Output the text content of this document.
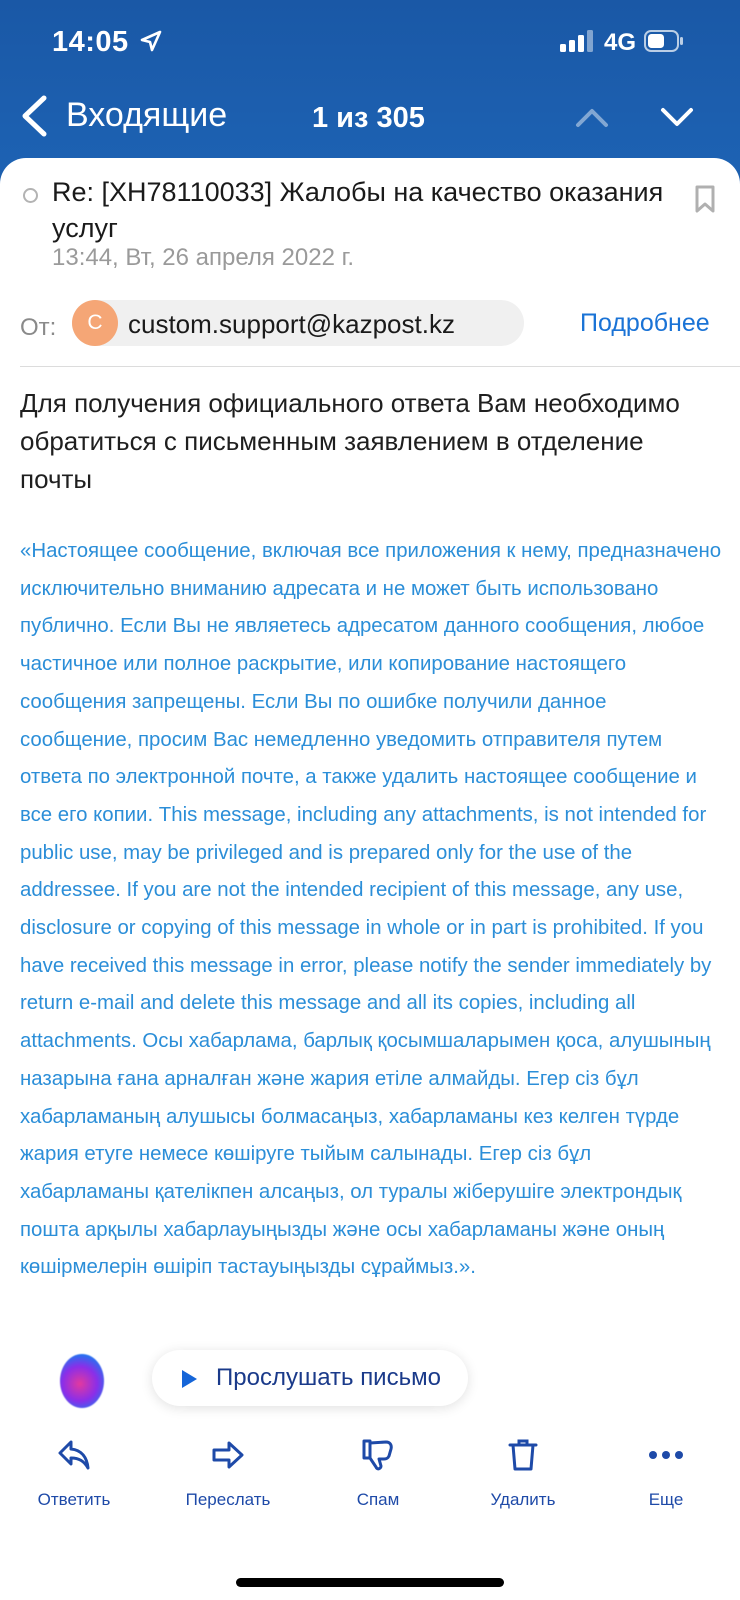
14:05	4G
Входящие	1 из 305
Re: [XH78110033] Жалобы на качество оказания услуг
13:44, Вт, 26 апреля 2022 г.
От:	C custom.support@kazpost.kz	Подробнее
Для получения официального ответа Вам необходимо обратиться с письменным заявлением в отделение почты
«Настоящее сообщение, включая все приложения к нему, предназначено исключительно вниманию адресата и не может быть использовано публично. Если Вы не являетесь адресатом данного сообщения, любое частичное или полное раскрытие, или копирование настоящего сообщения запрещены. Если Вы по ошибке получили данное сообщение, просим Вас немедленно уведомить отправителя путем ответа по электронной почте, а также удалить настоящее сообщение и все его копии. This message, including any attachments, is not intended for public use, may be privileged and is prepared only for the use of the addressee. If you are not the intended recipient of this message, any use, disclosure or copying of this message in whole or in part is prohibited. If you have received this message in error, please notify the sender immediately by return e-mail and delete this message and all its copies, including all attachments. Осы хабарлама, барлық қосымшаларымен қоса, алушының назарына ғана арналған және жария етіле алмайды. Егер сіз бұл хабарламаның алушысы болмасаңыз, хабарламаны кез келген түрде жария етуге немесе көшіруге тыйым салынады. Егер сіз бұл хабарламаны қателікпен алсаңыз, ол туралы жіберушіге электрондық пошта арқылы хабарлауыңызды және осы хабарламаны және оның көшірмелерін өшіріп тастауыңызды сұраймыз.».
Прослушать письмо
Ответить	Переслать	Спам	Удалить	Еще
